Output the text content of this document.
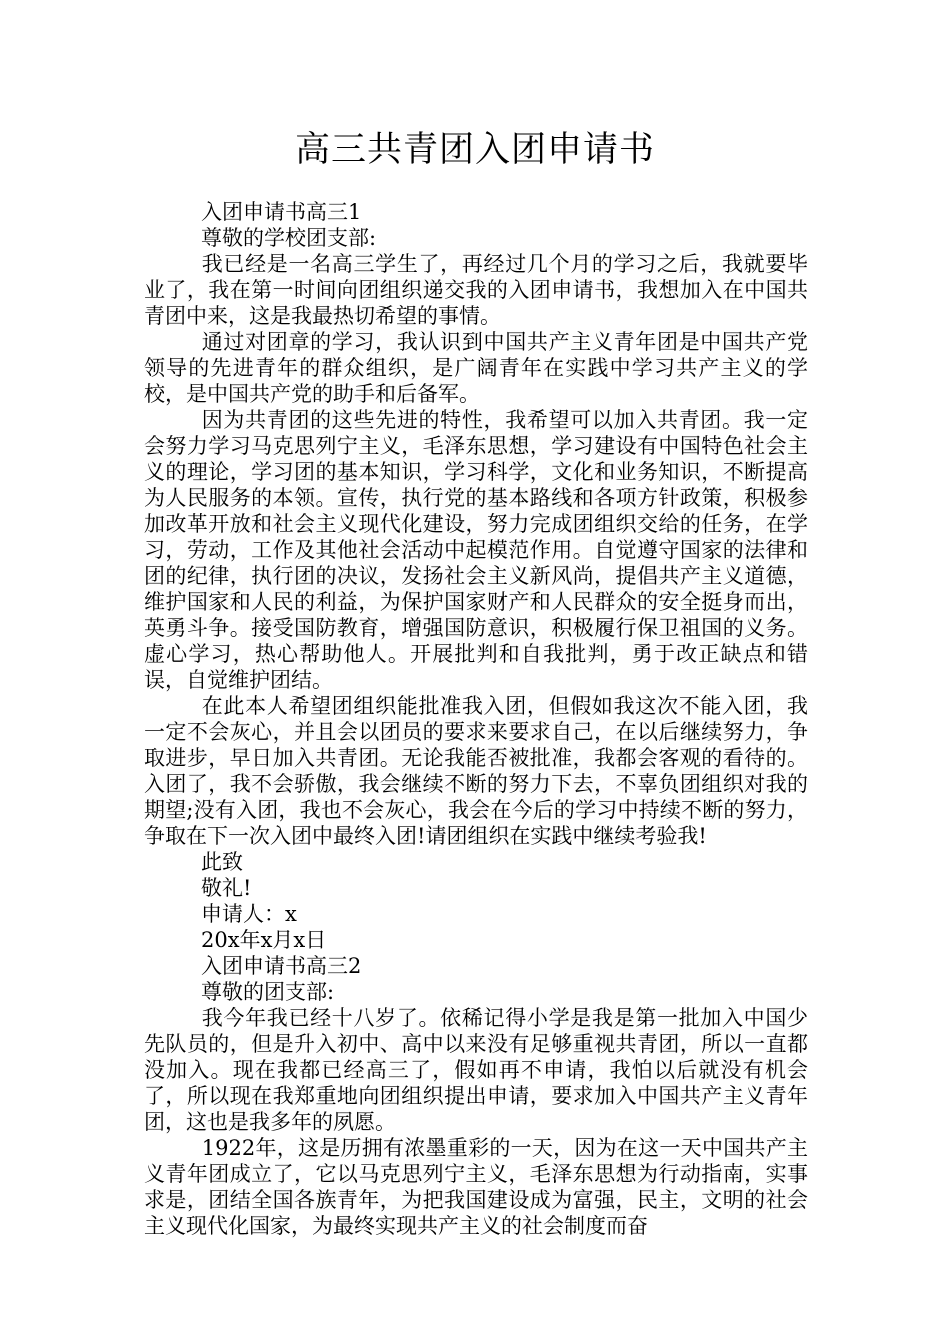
高三共青团入团申请书
入团申请书高三1
尊敬的学校团支部:

我已经是一名高三学生了，再经过几个月的学习之后，我就要毕业了，我在第一时间向团组织递交我的入团申请书，我想加入在中国共青团中来，这是我最热切希望的事情。

通过对团章的学习，我认识到中国共产主义青年团是中国共产党领导的先进青年的群众组织，是广阔青年在实践中学习共产主义的学校，是中国共产党的助手和后备军。

因为共青团的这些先进的特性，我希望可以加入共青团。我一定会努力学习马克思列宁主义，毛泽东思想，学习建设有中国特色社会主义的理论，学习团的基本知识，学习科学，文化和业务知识，不断提高为人民服务的本领。宣传，执行党的基本路线和各项方针政策，积极参加改革开放和社会主义现代化建设，努力完成团组织交给的任务，在学习，劳动，工作及其他社会活动中起模范作用。自觉遵守国家的法律和团的纪律，执行团的决议，发扬社会主义新风尚，提倡共产主义道德，维护国家和人民的利益，为保护国家财产和人民群众的安全挺身而出，英勇斗争。接受国防教育，增强国防意识，积极履行保卫祖国的义务。虚心学习，热心帮助他人。开展批判和自我批判，勇于改正缺点和错误，自觉维护团结。

在此本人希望团组织能批准我入团，但假如我这次不能入团，我一定不会灰心，并且会以团员的要求来要求自己，在以后继续努力，争取进步，早日加入共青团。无论我能否被批准，我都会客观的看待的。入团了，我不会骄傲，我会继续不断的努力下去，不辜负团组织对我的期望;没有入团，我也不会灰心，我会在今后的学习中持续不断的努力，争取在下一次入团中最终入团!请团组织在实践中继续考验我!

此致
敬礼!
申请人：x
20x年x月x日
入团申请书高三2
尊敬的团支部:

我今年我已经十八岁了。依稀记得小学是我是第一批加入中国少先队员的，但是升入初中、高中以来没有足够重视共青团，所以一直都没加入。现在我都已经高三了，假如再不申请，我怕以后就没有机会了，所以现在我郑重地向团组织提出申请，要求加入中国共产主义青年团，这也是我多年的夙愿。

1922年，这是历拥有浓墨重彩的一天，因为在这一天中国共产主义青年团成立了，它以马克思列宁主义，毛泽东思想为行动指南，实事求是，团结全国各族青年，为把我国建设成为富强，民主，文明的社会主义现代化国家，为最终实现共产主义的社会制度而奋
